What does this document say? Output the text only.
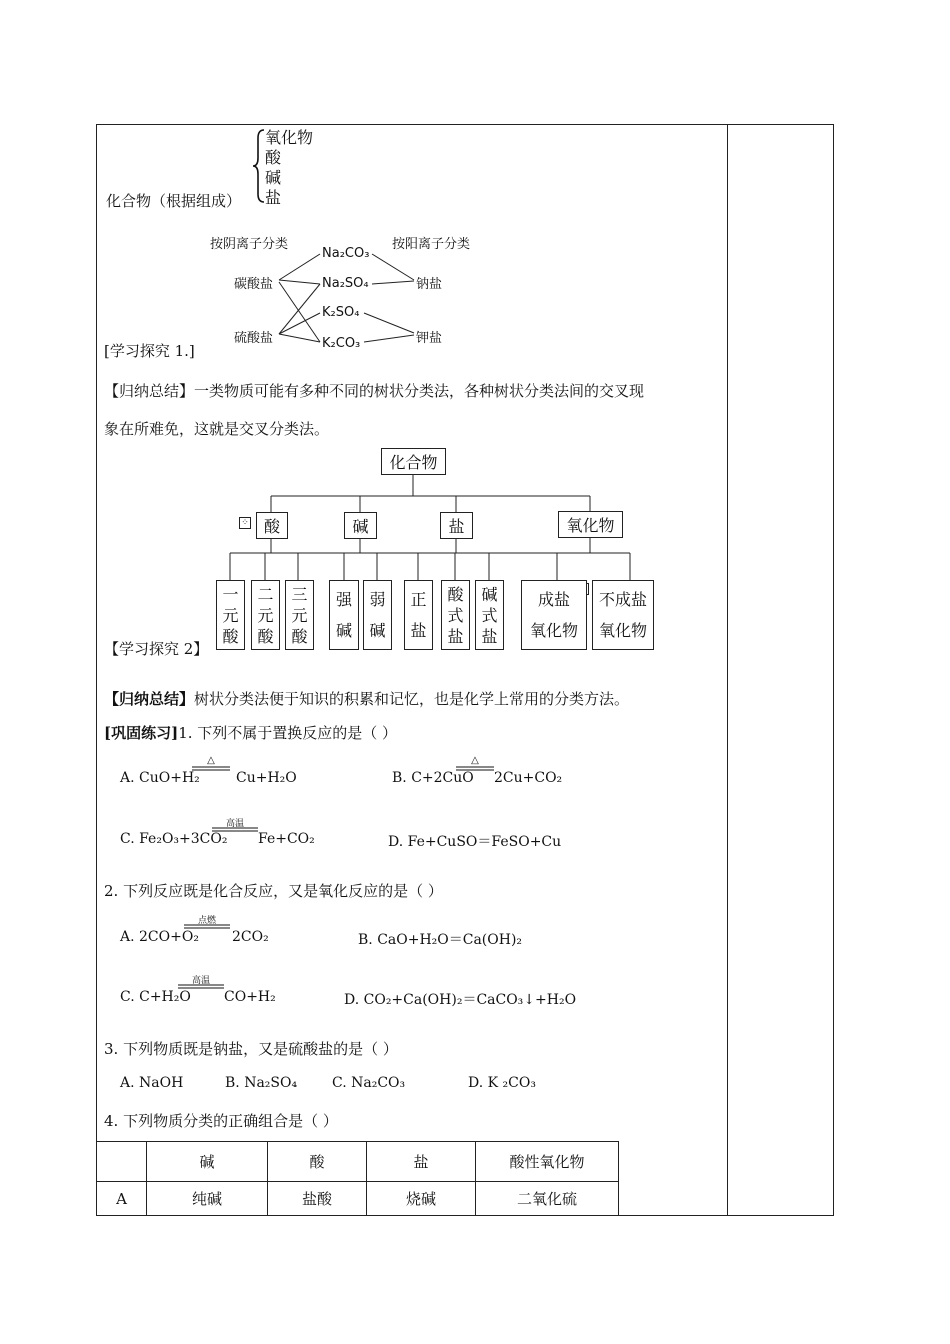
化合物（根据组成）
氧化物
酸
碱
盐
按阴离子分类	按阳离子分类
碳酸盐
硫酸盐
Na₂CO₃
Na₂SO₄
K₂SO₄
K₂CO₃
钠盐
钾盐
[学习探究 1.]
【归纳总结】一类物质可能有多种不同的树状分类法，各种树状分类法间的交叉现
象在所难免，这就是交叉分类法。
化合物
酸	碱	盐	氧化物
⁘
一
元
酸
二
元
酸
三
元
酸
强
碱
弱
碱
正
盐
酸
式
盐
碱
式
盐
成盐
氧化物
不成盐
氧化物
【学习探究 2】
【归纳总结】树状分类法便于知识的积累和记忆，也是化学上常用的分类方法。
[巩固练习]1. 下列不属于置换反应的是（ ）
A. CuO+H₂
△
Cu+H₂O	B. C+2CuO
△
2Cu+CO₂
C. Fe₂O₃+3CO₂
高温
Fe+CO₂	D. Fe+CuSO＝FeSO+Cu
2. 下列反应既是化合反应，又是氧化反应的是（ ）
A. 2CO+O₂
点燃
2CO₂	B. CaO+H₂O＝Ca(OH)₂
C. C+H₂O
高温
CO+H₂	D. CO₂+Ca(OH)₂＝CaCO₃↓+H₂O
3. 下列物质既是钠盐，又是硫酸盐的是（ ）
A. NaOH	B. Na₂SO₄ C. Na₂CO₃	D. K ₂CO₃
4. 下列物质分类的正确组合是（ ）
	碱	酸	盐	酸性氧化物
A	纯碱	盐酸	烧碱	二氧化硫
